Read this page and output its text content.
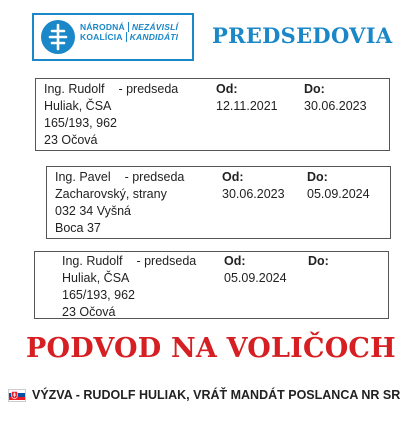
NÁRODNÁ NEZÁVISLÍ
KOALÍCIA KANDIDÁTI PREDSEDOVIA
Ing. Rudolf - predseda
Huliak, ČSA
165/193, 962
23 Očová
Od:
12.11.2021
Do:
30.06.2023
Ing. Pavel - predseda
Zacharovský, strany
032 34 Vyšná
Boca 37
Od:
30.06.2023
Do:
05.09.2024
Ing. Rudolf - predseda
Huliak, ČSA
165/193, 962
23 Očová
Od:
05.09.2024
Do:
PODVOD NA VOLIČOCH
VÝZVA - RUDOLF HULIAK, VRÁŤ MANDÁT POSLANCA NR SR
